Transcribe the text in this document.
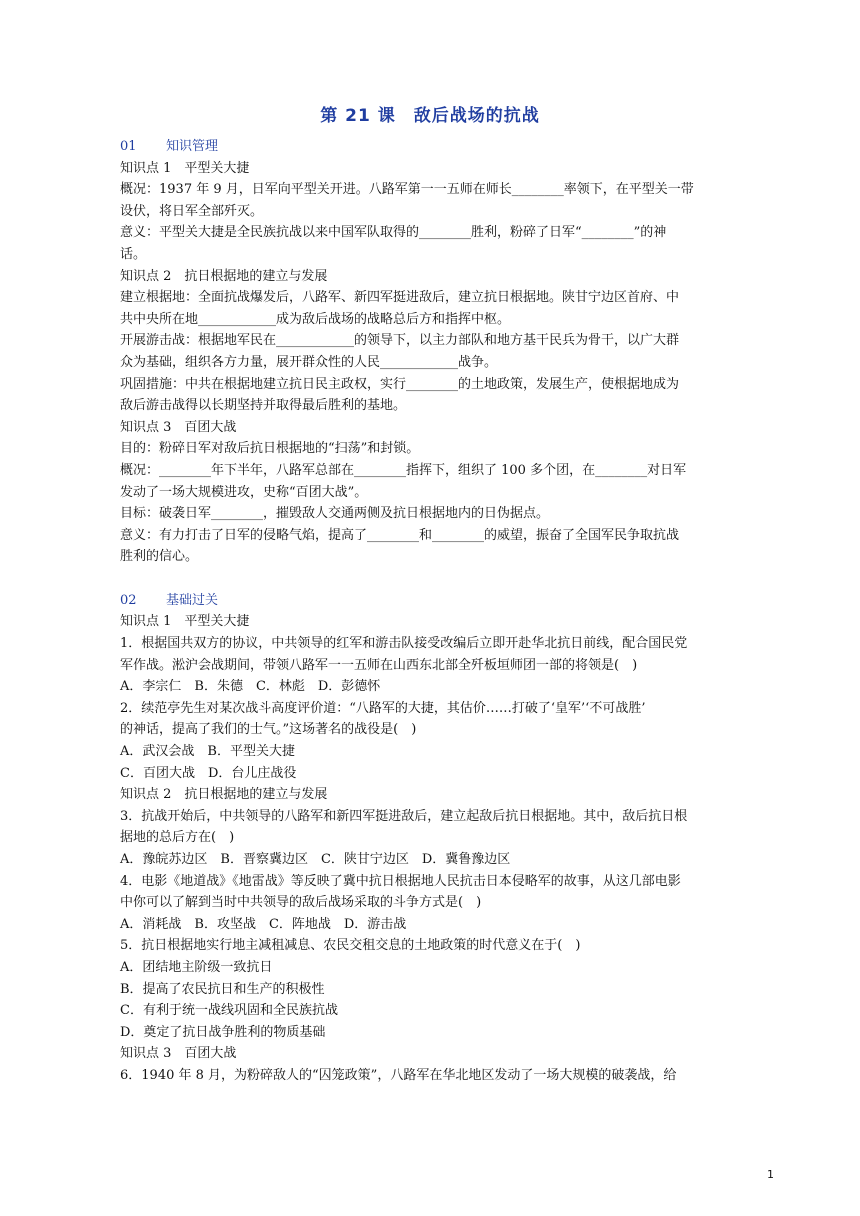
第 21 课　敌后战场的抗战

01 知识管理

知识点 1　平型关大捷

概况：1937 年 9 月，日军向平型关开进。八路军第一一五师在师长________率领下，在平型关一带

设伏，将日军全部歼灭。

意义：平型关大捷是全民族抗战以来中国军队取得的________胜利，粉碎了日军“________”的神

话。

知识点 2　抗日根据地的建立与发展

建立根据地：全面抗战爆发后，八路军、新四军挺进敌后，建立抗日根据地。陕甘宁边区首府、中

共中央所在地____________成为敌后战场的战略总后方和指挥中枢。

开展游击战：根据地军民在____________的领导下，以主力部队和地方基干民兵为骨干，以广大群

众为基础，组织各方力量，展开群众性的人民____________战争。

巩固措施：中共在根据地建立抗日民主政权，实行________的土地政策，发展生产，使根据地成为

敌后游击战得以长期坚持并取得最后胜利的基地。

知识点 3　百团大战

目的：粉碎日军对敌后抗日根据地的“扫荡”和封锁。

概况：________年下半年，八路军总部在________指挥下，组织了 100 多个团，在________对日军

发动了一场大规模进攻，史称“百团大战”。

目标：破袭日军________，摧毁敌人交通两侧及抗日根据地内的日伪据点。

意义：有力打击了日军的侵略气焰，提高了________和________的威望，振奋了全国军民争取抗战

胜利的信心。

02 基础过关

知识点 1　平型关大捷

1．根据国共双方的协议，中共领导的红军和游击队接受改编后立即开赴华北抗日前线，配合国民党

军作战。淞沪会战期间，带领八路军一一五师在山西东北部全歼板垣师团一部的将领是(　)

A．李宗仁　B．朱德　C．林彪　D．彭德怀

2．续范亭先生对某次战斗高度评价道：“八路军的大捷，其估价……打破了‘皇军’‘不可战胜’

的神话，提高了我们的士气。”这场著名的战役是(　)

A．武汉会战　B．平型关大捷

C．百团大战　D．台儿庄战役

知识点 2　抗日根据地的建立与发展

3．抗战开始后，中共领导的八路军和新四军挺进敌后，建立起敌后抗日根据地。其中，敌后抗日根

据地的总后方在(　)

A．豫皖苏边区　B．晋察冀边区　C．陕甘宁边区　D．冀鲁豫边区

4．电影《地道战》《地雷战》等反映了冀中抗日根据地人民抗击日本侵略军的故事，从这几部电影

中你可以了解到当时中共领导的敌后战场采取的斗争方式是(　)

A．消耗战　B．攻坚战　C．阵地战　D．游击战

5．抗日根据地实行地主减租减息、农民交租交息的土地政策的时代意义在于(　)

A．团结地主阶级一致抗日

B．提高了农民抗日和生产的积极性

C．有利于统一战线巩固和全民族抗战

D．奠定了抗日战争胜利的物质基础

知识点 3　百团大战

6．1940 年 8 月，为粉碎敌人的“囚笼政策”，八路军在华北地区发动了一场大规模的破袭战，给

1
